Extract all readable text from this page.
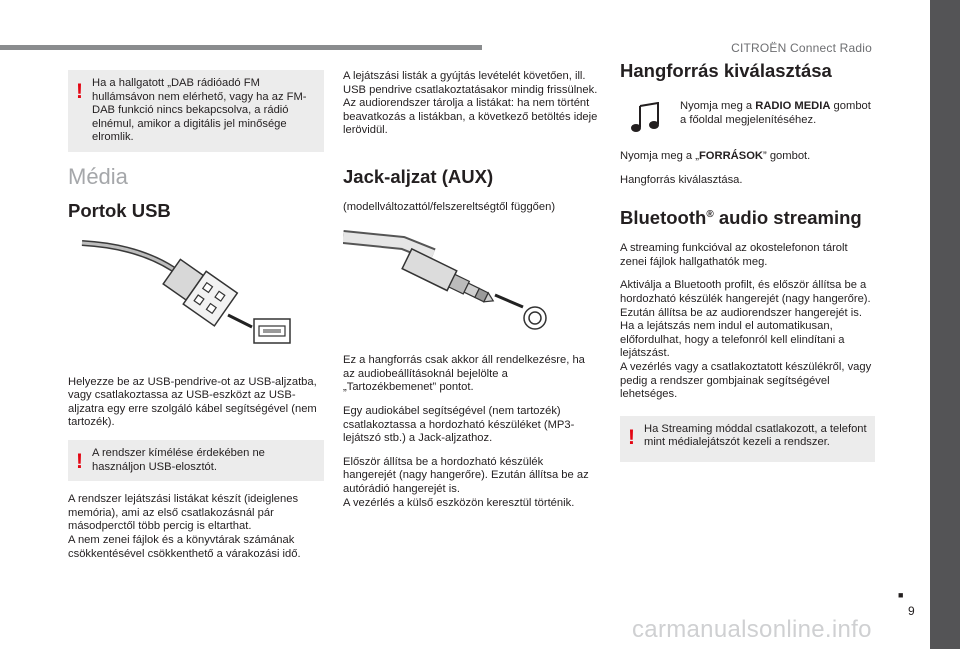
CITROËN Connect Radio
! Ha a hallgatott „DAB rádióadó FM hullámsávon nem elérhető, vagy ha az FM-DAB funkció nincs bekapcsolva, a rádió elnémul, amikor a digitális jel minősége elromlik.

Média
Portok USB

Helyezze be az USB-pendrive-ot az USB-aljzatba, vagy csatlakoztassa az USB-eszközt az USB-aljzatra egy erre szolgáló kábel segítségével (nem tartozék).

! A rendszer kímélése érdekében ne használjon USB-elosztót.

A rendszer lejátszási listákat készít (ideiglenes memória), ami az első csatlakozásnál pár másodperctől több percig is eltarthat.
A nem zenei fájlok és a könyvtárak számának csökkentésével csökkenthető a várakozási idő.

A lejátszási listák a gyújtás levételét követően, ill. USB pendrive csatlakoztatásakor mindig frissülnek. Az audiorendszer tárolja a listákat: ha nem történt beavatkozás a listákban, a következő betöltés ideje lerövidül.

Jack-aljzat (AUX)

(modellváltozattól/felszereltségtől függően)

Ez a hangforrás csak akkor áll rendelkezésre, ha az audiobeállításoknál bejelölte a „Tartozékbemenet” pontot.

Egy audiokábel segítségével (nem tartozék) csatlakoztassa a hordozható készüléket (MP3-lejátszó stb.) a Jack-aljzathoz.

Először állítsa be a hordozható készülék hangerejét (nagy hangerőre). Ezután állítsa be az autórádió hangerejét is.
A vezérlés a külső eszközön keresztül történik.

Hangforrás kiválasztása

Nyomja meg a RADIO MEDIA gombot a főoldal megjelenítéséhez.

Nyomja meg a „FORRÁSOK” gombot.

Hangforrás kiválasztása.

Bluetooth® audio streaming

A streaming funkcióval az okostelefonon tárolt zenei fájlok hallgathatók meg.

Aktiválja a Bluetooth profilt, és először állítsa be a hordozható készülék hangerejét (nagy hangerőre).
Ezután állítsa be az audiorendszer hangerejét is.
Ha a lejátszás nem indul el automatikusan, előfordulhat, hogy a telefonról kell elindítani a lejátszást.
A vezérlés vagy a csatlakoztatott készülékről, vagy pedig a rendszer gombjainak segítségével lehetséges.

! Ha Streaming móddal csatlakozott, a telefont mint médialejátszót kezeli a rendszer.

■
9
carmanualsonline.info
